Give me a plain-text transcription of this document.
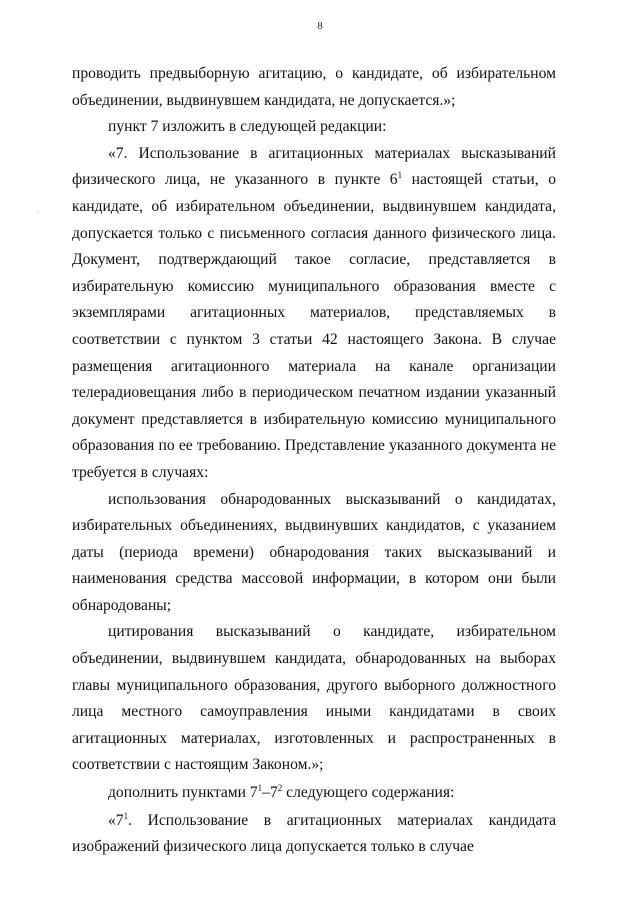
8
·

проводить предвыборную агитацию, о кандидате, об избирательном объединении, выдвинувшем кандидата, не допускается.»;

пункт 7 изложить в следующей редакции:

«7. Использование в агитационных материалах высказываний физического лица, не указанного в пункте $6^1$ настоящей статьи, о кандидате, об избирательном объединении, выдвинувшем кандидата, допускается только с письменного согласия данного физического лица. Документ, подтверждающий такое согласие, представляется в избирательную комиссию муниципального образования вместе с экземплярами агитационных материалов, представляемых в соответствии с пунктом 3 статьи 42 настоящего Закона. В случае размещения агитационного материала на канале организации телерадиовещания либо в периодическом печатном издании указанный документ представляется в избирательную комиссию муниципального образования по ее требованию. Представление указанного документа не требуется в случаях:

использования обнародованных высказываний о кандидатах, избирательных объединениях, выдвинувших кандидатов, с указанием даты (периода времени) обнародования таких высказываний и наименования средства массовой информации, в котором они были обнародованы;

цитирования высказываний о кандидате, избирательном объединении, выдвинувшем кандидата, обнародованных на выборах главы муниципального образования, другого выборного должностного лица местного самоуправления иными кандидатами в своих агитационных материалах, изготовленных и распространенных в соответствии с настоящим Законом.»;

дополнить пунктами $7^1-7^2$ следующего содержания:

«$7^1$. Использование в агитационных материалах кандидата изображений физического лица допускается только в случае
